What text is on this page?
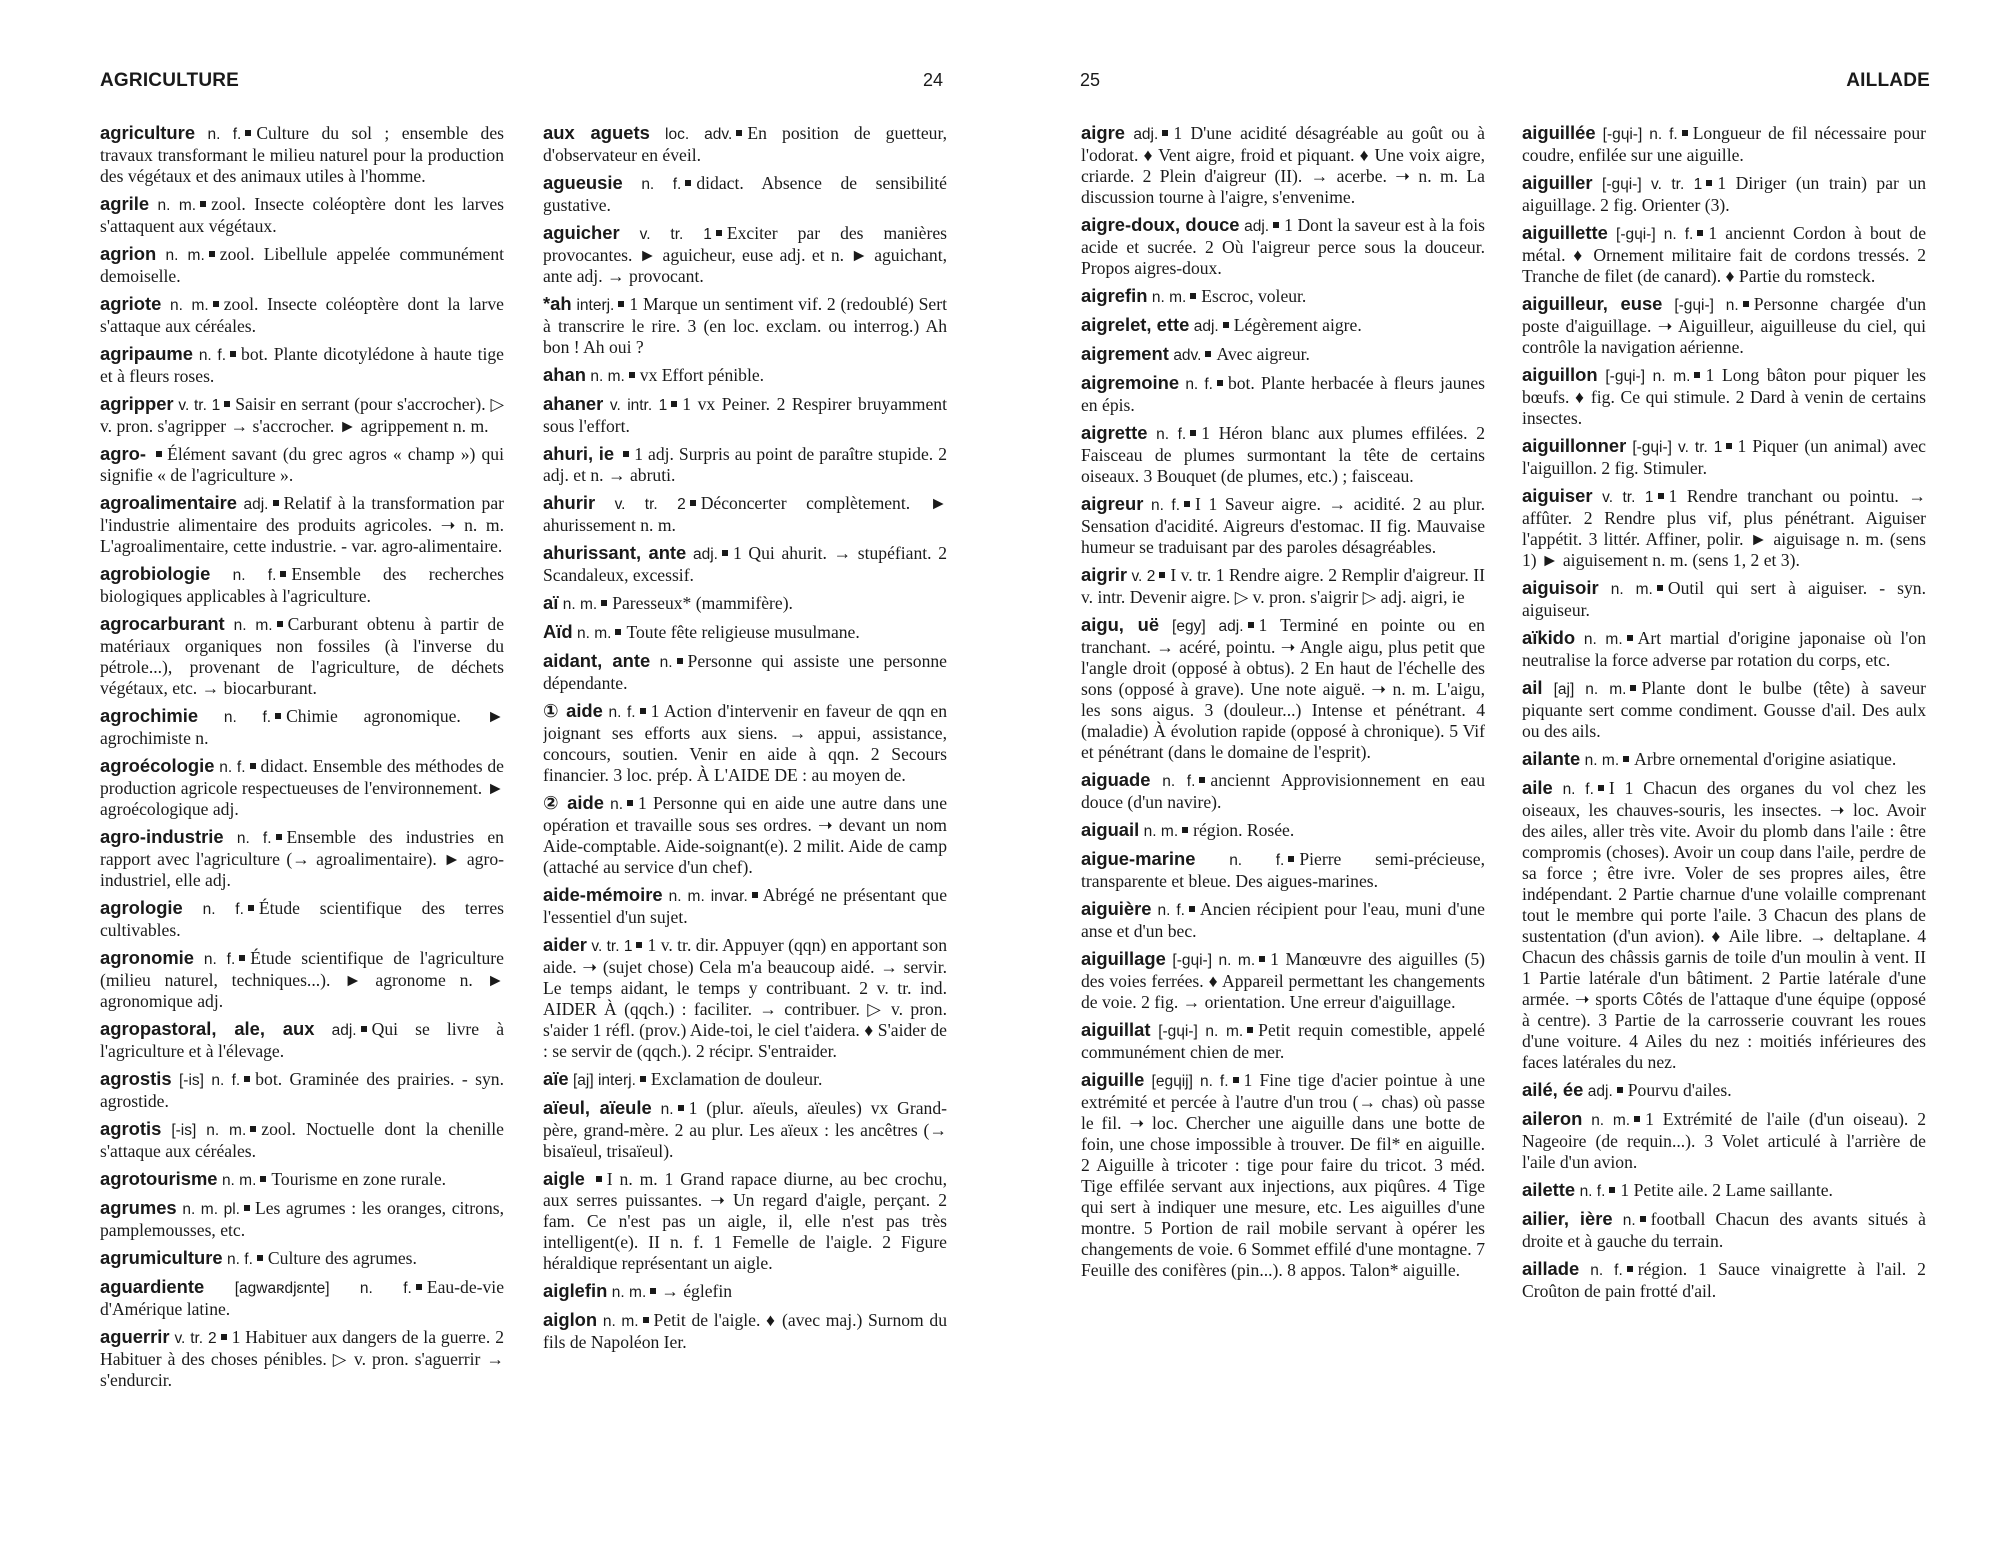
AGRICULTURE	24

agriculture n. f. Culture du sol ; ensemble des travaux transformant le milieu naturel pour la production des végétaux et des animaux utiles à l'homme.

agrile n. m. zool. Insecte coléoptère dont les larves s'attaquent aux végétaux.

agrion n. m. zool. Libellule appelée communément demoiselle.

agriote n. m. zool. Insecte coléoptère dont la larve s'attaque aux céréales.

agripaume n. f. bot. Plante dicotylédone à haute tige et à fleurs roses.

agripper v. tr. 1 Saisir en serrant (pour s'accrocher). ▷ v. pron. s'agripper → s'accrocher. ► agrippement n. m.

agro- Élément savant (du grec agros « champ ») qui signifie « de l'agriculture ».

agroalimentaire adj. Relatif à la transformation par l'industrie alimentaire des produits agricoles. ➝ n. m. L'agroalimentaire, cette industrie. - var. agro-alimentaire.

agrobiologie n. f. Ensemble des recherches biologiques applicables à l'agriculture.

agrocarburant n. m. Carburant obtenu à partir de matériaux organiques non fossiles (à l'inverse du pétrole...), provenant de l'agriculture, de déchets végétaux, etc. → biocarburant.

agrochimie n. f. Chimie agronomique. ► agrochimiste n.

agroécologie n. f. didact. Ensemble des méthodes de production agricole respectueuses de l'environnement. ► agroécologique adj.

agro-industrie n. f. Ensemble des industries en rapport avec l'agriculture (→ agroalimentaire). ► agro-industriel, elle adj.

agrologie n. f. Étude scientifique des terres cultivables.

agronomie n. f. Étude scientifique de l'agriculture (milieu naturel, techniques...). ► agronome n. ► agronomique adj.

agropastoral, ale, aux adj. Qui se livre à l'agriculture et à l'élevage.

agrostis [-is] n. f. bot. Graminée des prairies. - syn. agrostide.

agrotis [-is] n. m. zool. Noctuelle dont la chenille s'attaque aux céréales.

agrotourisme n. m. Tourisme en zone rurale.

agrumes n. m. pl. Les agrumes : les oranges, citrons, pamplemousses, etc.

agrumiculture n. f. Culture des agrumes.

aguardiente [agwaʀdjɛnte] n. f. Eau-de-vie d'Amérique latine.

aguerrir v. tr. 2 1 Habituer aux dangers de la guerre. 2 Habituer à des choses pénibles. ▷ v. pron. s'aguerrir → s'endurcir.

aux aguets loc. adv. En position de guetteur, d'observateur en éveil.

agueusie n. f. didact. Absence de sensibilité gustative.

aguicher v. tr. 1 Exciter par des manières provocantes. ► aguicheur, euse adj. et n. ► aguichant, ante adj. → provocant.

*ah interj. 1 Marque un sentiment vif. 2 (redoublé) Sert à transcrire le rire. 3 (en loc. exclam. ou interrog.) Ah bon ! Ah oui ?

ahan n. m. vx Effort pénible.

ahaner v. intr. 1 1 vx Peiner. 2 Respirer bruyamment sous l'effort.

ahuri, ie 1 adj. Surpris au point de paraître stupide. 2 adj. et n. → abruti.

ahurir v. tr. 2 Déconcerter complètement. ► ahurissement n. m.

ahurissant, ante adj. 1 Qui ahurit. → stupéfiant. 2 Scandaleux, excessif.

aï n. m. Paresseux* (mammifère).

Aïd n. m. Toute fête religieuse musulmane.

aidant, ante n. Personne qui assiste une personne dépendante.

① aide n. f. 1 Action d'intervenir en faveur de qqn en joignant ses efforts aux siens. → appui, assistance, concours, soutien. Venir en aide à qqn. 2 Secours financier. 3 loc. prép. À L'AIDE DE : au moyen de.

② aide n. 1 Personne qui en aide une autre dans une opération et travaille sous ses ordres. ➝ devant un nom Aide-comptable. Aide-soignant(e). 2 milit. Aide de camp (attaché au service d'un chef).

aide-mémoire n. m. invar. Abrégé ne présentant que l'essentiel d'un sujet.

aider v. tr. 1 1 v. tr. dir. Appuyer (qqn) en apportant son aide. ➝ (sujet chose) Cela m'a beaucoup aidé. → servir. Le temps aidant, le temps y contribuant. 2 v. tr. ind. AIDER À (qqch.) : faciliter. → contribuer. ▷ v. pron. s'aider 1 réfl. (prov.) Aide-toi, le ciel t'aidera. ♦ S'aider de : se servir de (qqch.). 2 récipr. S'entraider.

aïe [aj] interj. Exclamation de douleur.

aïeul, aïeule n. 1 (plur. aïeuls, aïeules) vx Grand-père, grand-mère. 2 au plur. Les aïeux : les ancêtres (→ bisaïeul, trisaïeul).

aigle I n. m. 1 Grand rapace diurne, au bec crochu, aux serres puissantes. ➝ Un regard d'aigle, perçant. 2 fam. Ce n'est pas un aigle, il, elle n'est pas très intelligent(e). II n. f. 1 Femelle de l'aigle. 2 Figure héraldique représentant un aigle.

aiglefin n. m. → églefin

aiglon n. m. Petit de l'aigle. ♦ (avec maj.) Surnom du fils de Napoléon Ier.

25	AILLADE

aigre adj. 1 D'une acidité désagréable au goût ou à l'odorat. ♦ Vent aigre, froid et piquant. ♦ Une voix aigre, criarde. 2 Plein d'aigreur (II). → acerbe. ➝ n. m. La discussion tourne à l'aigre, s'envenime.

aigre-doux, douce adj. 1 Dont la saveur est à la fois acide et sucrée. 2 Où l'aigreur perce sous la douceur. Propos aigres-doux.

aigrefin n. m. Escroc, voleur.

aigrelet, ette adj. Légèrement aigre.

aigrement adv. Avec aigreur.

aigremoine n. f. bot. Plante herbacée à fleurs jaunes en épis.

aigrette n. f. 1 Héron blanc aux plumes effilées. 2 Faisceau de plumes surmontant la tête de certains oiseaux. 3 Bouquet (de plumes, etc.) ; faisceau.

aigreur n. f. I 1 Saveur aigre. → acidité. 2 au plur. Sensation d'acidité. Aigreurs d'estomac. II fig. Mauvaise humeur se traduisant par des paroles désagréables.

aigrir v. 2 I v. tr. 1 Rendre aigre. 2 Remplir d'aigreur. II v. intr. Devenir aigre. ▷ v. pron. s'aigrir ▷ adj. aigri, ie

aigu, uë [egy] adj. 1 Terminé en pointe ou en tranchant. → acéré, pointu. ➝ Angle aigu, plus petit que l'angle droit (opposé à obtus). 2 En haut de l'échelle des sons (opposé à grave). Une note aiguë. ➝ n. m. L'aigu, les sons aigus. 3 (douleur...) Intense et pénétrant. 4 (maladie) À évolution rapide (opposé à chronique). 5 Vif et pénétrant (dans le domaine de l'esprit).

aiguade n. f. anciennt Approvisionnement en eau douce (d'un navire).

aiguail n. m. région. Rosée.

aigue-marine n. f. Pierre semi-précieuse, transparente et bleue. Des aigues-marines.

aiguière n. f. Ancien récipient pour l'eau, muni d'une anse et d'un bec.

aiguillage [-gɥi-] n. m. 1 Manœuvre des aiguilles (5) des voies ferrées. ♦ Appareil permettant les changements de voie. 2 fig. → orientation. Une erreur d'aiguillage.

aiguillat [-gɥi-] n. m. Petit requin comestible, appelé communément chien de mer.

aiguille [egɥij] n. f. 1 Fine tige d'acier pointue à une extrémité et percée à l'autre d'un trou (→ chas) où passe le fil. ➝ loc. Chercher une aiguille dans une botte de foin, une chose impossible à trouver. De fil* en aiguille. 2 Aiguille à tricoter : tige pour faire du tricot. 3 méd. Tige effilée servant aux injections, aux piqûres. 4 Tige qui sert à indiquer une mesure, etc. Les aiguilles d'une montre. 5 Portion de rail mobile servant à opérer les changements de voie. 6 Sommet effilé d'une montagne. 7 Feuille des conifères (pin...). 8 appos. Talon* aiguille.

aiguillée [-gɥi-] n. f. Longueur de fil nécessaire pour coudre, enfilée sur une aiguille.

aiguiller [-gɥi-] v. tr. 1 1 Diriger (un train) par un aiguillage. 2 fig. Orienter (3).

aiguillette [-gɥi-] n. f. 1 anciennt Cordon à bout de métal. ♦ Ornement militaire fait de cordons tressés. 2 Tranche de filet (de canard). ♦ Partie du romsteck.

aiguilleur, euse [-gɥi-] n. Personne chargée d'un poste d'aiguillage. ➝ Aiguilleur, aiguilleuse du ciel, qui contrôle la navigation aérienne.

aiguillon [-gɥi-] n. m. 1 Long bâton pour piquer les bœufs. ♦ fig. Ce qui stimule. 2 Dard à venin de certains insectes.

aiguillonner [-gɥi-] v. tr. 1 1 Piquer (un animal) avec l'aiguillon. 2 fig. Stimuler.

aiguiser v. tr. 1 1 Rendre tranchant ou pointu. → affûter. 2 Rendre plus vif, plus pénétrant. Aiguiser l'appétit. 3 littér. Affiner, polir. ► aiguisage n. m. (sens 1) ► aiguisement n. m. (sens 1, 2 et 3).

aiguisoir n. m. Outil qui sert à aiguiser. - syn. aiguiseur.

aïkido n. m. Art martial d'origine japonaise où l'on neutralise la force adverse par rotation du corps, etc.

ail [aj] n. m. Plante dont le bulbe (tête) à saveur piquante sert comme condiment. Gousse d'ail. Des aulx ou des ails.

ailante n. m. Arbre ornemental d'origine asiatique.

aile n. f. I 1 Chacun des organes du vol chez les oiseaux, les chauves-souris, les insectes. ➝ loc. Avoir des ailes, aller très vite. Avoir du plomb dans l'aile : être compromis (choses). Avoir un coup dans l'aile, perdre de sa force ; être ivre. Voler de ses propres ailes, être indépendant. 2 Partie charnue d'une volaille comprenant tout le membre qui porte l'aile. 3 Chacun des plans de sustentation (d'un avion). ♦ Aile libre. → deltaplane. 4 Chacun des châssis garnis de toile d'un moulin à vent. II 1 Partie latérale d'un bâtiment. 2 Partie latérale d'une armée. ➝ sports Côtés de l'attaque d'une équipe (opposé à centre). 3 Partie de la carrosserie couvrant les roues d'une voiture. 4 Ailes du nez : moitiés inférieures des faces latérales du nez.

ailé, ée adj. Pourvu d'ailes.

aileron n. m. 1 Extrémité de l'aile (d'un oiseau). 2 Nageoire (de requin...). 3 Volet articulé à l'arrière de l'aile d'un avion.

ailette n. f. 1 Petite aile. 2 Lame saillante.

ailier, ière n. football Chacun des avants situés à droite et à gauche du terrain.

aillade n. f. région. 1 Sauce vinaigrette à l'ail. 2 Croûton de pain frotté d'ail.
